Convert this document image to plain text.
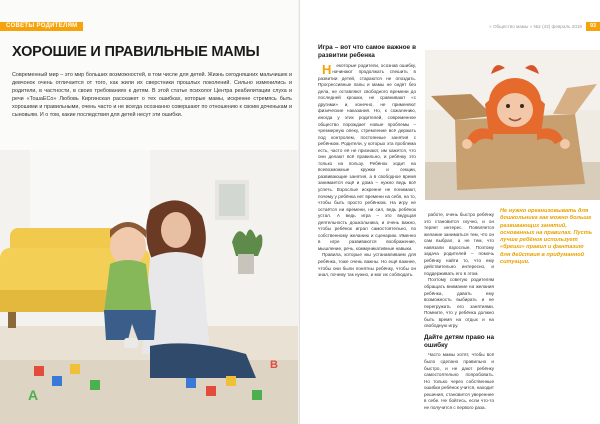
СОВЕТЫ РОДИТЕЛЯМ
ХОРОШИЕ И ПРАВИЛЬНЫЕ МАМЫ

Современный мир – это мир больших возможностей, в том числе для детей. Жизнь сегодняшних мальчишек и девчонок очень отличается от того, как жили их сверстники прошлых поколений. Сильно изменились и родители, в частности, в своих требованиях к детям. В этой статье психолог Центра реабилитации слуха и речи «ТошаЕСо» Любовь Киргинская расскажет о тех ошибках, которые мамы, искренне стремясь быть хорошими и правильными, очень часто и не всегда осознанно совершают по отношению к своим доченькам и сыновьям. И о том, какие последствия для детей несут эти ошибки.

A
B
« Общество мамы » №2 (43) февраль 2019	93
Игра – вот что самое важное в развитии ребенка

Н екоторые родители, осознав ошибку, начинают продолжать спешить в развитии детей, стараются не опоздать. Прогрессивные папы и мамы не сидят без дела, не оставляют свободного времени до последней крошки, не сравнивают «с другими» и, конечно, не применяют физические наказания. Но, к сожалению, иногда у этих родителей, современное общество порождает новые проблемы – чрезмерную опеку, стремление всё держать под контролем, постоянные занятия с ребёнком. Родители, у которых эта проблема есть, часто её не признают, им кажется, что они делают всё правильно, и ребёнку это только на пользу. Ребёнок ходит на всевозможные кружки и секции, развивающие занятия, а в свободное время занимается ещё и дома – нужно ведь всё успеть. Взрослые искренне не понимают, почему у ребёнка нет времени на себя, на то, чтобы быть просто ребёнком. На игру не остаётся ни времени, ни сил, ведь ребёнок устал. А ведь игра – это ведущая деятельность дошкольника, и очень важно, чтобы ребёнок играл самостоятельно, по собственному желанию и сценарию. Именно в игре развиваются воображение, мышление, речь, коммуникативные навыки.

Правила, которые мы устанавливаем для ребёнка, тоже очень важны. Но ещё важнее, чтобы они были понятны ребёнку, чтобы он знал, почему так нужно, и мог их соблюдать.

работе, очень быстро ребёнку это становится скучно, и он теряет интерес. Появляется желание заниматься тем, что он сам выбрал, а не тем, что навязали взрослые. Поэтому задача родителей – помочь ребёнку найти то, что ему действительно интересно, и поддерживать его в этом.

Поэтому советую родителям обращать внимание на желания ребёнка, давать ему возможность выбирать и не перегружать его занятиями. Помните, что у ребёнка должно быть время на отдых и на свободную игру.

Дайте детям право на ошибку

Часто мамы хотят, чтобы всё было сделано правильно и быстро, и не дают ребёнку самостоятельно попробовать. Но только через собственные ошибки ребёнок учится, находит решения, становится увереннее в себе. Не бойтесь, если что-то не получится с первого раза.

Не нужно организовывать для дошкольника как можно больше развивающих занятий, основанных на правилах. Пусть лучше ребёнок использует «бреши» правил и фантазию для действия в придуманной ситуации.
